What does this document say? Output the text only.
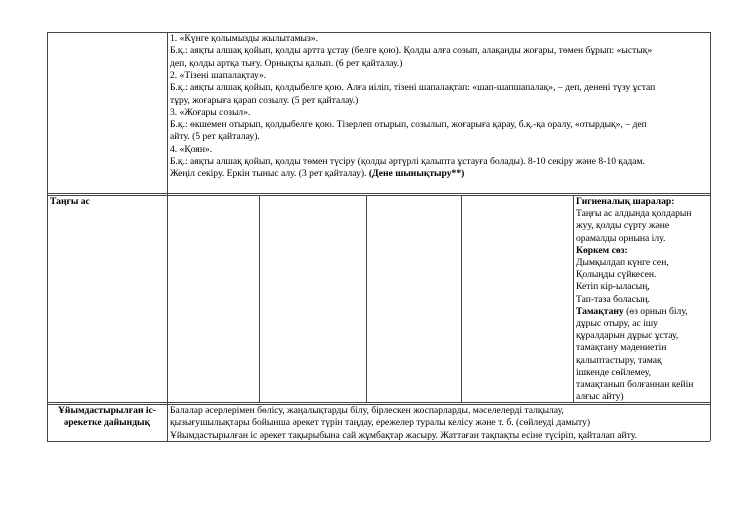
1. «Күнге қолымызды жылытамыз».
Б.қ.: аяқты алшақ қойып, қолды артта ұстау (белге қою). Қолды алға созып, алақанды жоғары, төмен бұрып: «ыстық»
деп, қолды артқа тығу. Орнықты қалып. (6 рет қайталау.)
2. «Тізені шапалақтау».
Б.қ.: аяқты алшақ қойып, қолдыбелге қою. Алға иіліп, тізені шапалақтап: «шап-шапшапалақ», – деп, денені түзу ұстап
тұру, жоғарыға қарап созылу. (5 рет қайталау.)
3. «Жоғары созыл».
Б.қ.: өкшемен отырып, қолдыбелге қою. Тізерлеп отырып, созылып, жоғарыға қарау, б.қ.-қа оралу, «отырдық», – деп
айту. (5 рет қайталау).
4. «Қоян».
Б.қ.: аяқты алшақ қойып, қолды төмен түсіру (қолды әртүрлі қалыпта ұстауға болады). 8-10 секіру және 8-10 қадам.
Жеңіл секіру. Еркін тыныс алу. (3 рет қайталау). (Дене шынықтыру**)
Таңғы ас	Гигиеналық шаралар:
Таңғы ас алдында қолдарын
жуу, қолды сүрту және
орамалды орнына ілу.
Көркем сөз:
Дымқылдап күнге сен,
Қолыңды сүйкесен.
Кетіп кір-ыласың,
Тап-таза боласың.
Тамақтану (өз орнын білу,
дұрыс отыру, ас ішу
құралдарын дұрыс ұстау,
тамақтану мәдениетін
қалыптастыру, тамақ
ішкенде сөйлемеу,
тамақтанып болғаннан кейін
алғыс айту)
Ұйымдастырылған іс-
әрекетке дайындық
Балалар әсерлерімен бөлісу, жаңалықтарды білу, бірлескен жоспарларды, мәселелерді талқылау,
қызығушылықтары бойынша әрекет түрін таңдау, ережелер туралы келісу және т. б. (сөйлеуді дамыту)
Ұйымдастырылған іс әрекет тақырыбына сай жұмбақтар жасыру. Жаттаған тақпақты есіне түсіріп, қайталап айту.
